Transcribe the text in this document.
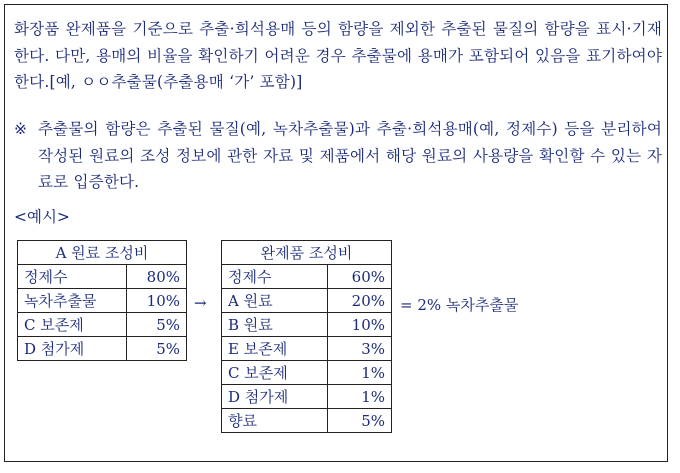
화장품 완제품을 기준으로 추출·희석용매 등의 함량을 제외한 추출된 물질의 함량을 표시·기재한다. 다만, 용매의 비율을 확인하기 어려운 경우 추출물에 용매가 포함되어 있음을 표기하여야 한다.[예, ㅇㅇ추출물(추출용매 ‘가’ 포함)]
※ 추출물의 함량은 추출된 물질(예, 녹차추출물)과 추출·희석용매(예, 정제수) 등을 분리하여 작성된 원료의 조성 정보에 관한 자료 및 제품에서 해당 원료의 사용량을 확인할 수 있는 자료로 입증한다.
<예시>
A 원료 조성비	
정제수	80%
녹차추출물	10%
C 보존제	5%
D 첨가제	5%
→
완제품 조성비	
정제수	60%
A 원료	20%
B 원료	10%
E 보존제	3%
C 보존제	1%
D 첨가제	1%
향료	5%
= 2% 녹차추출물
